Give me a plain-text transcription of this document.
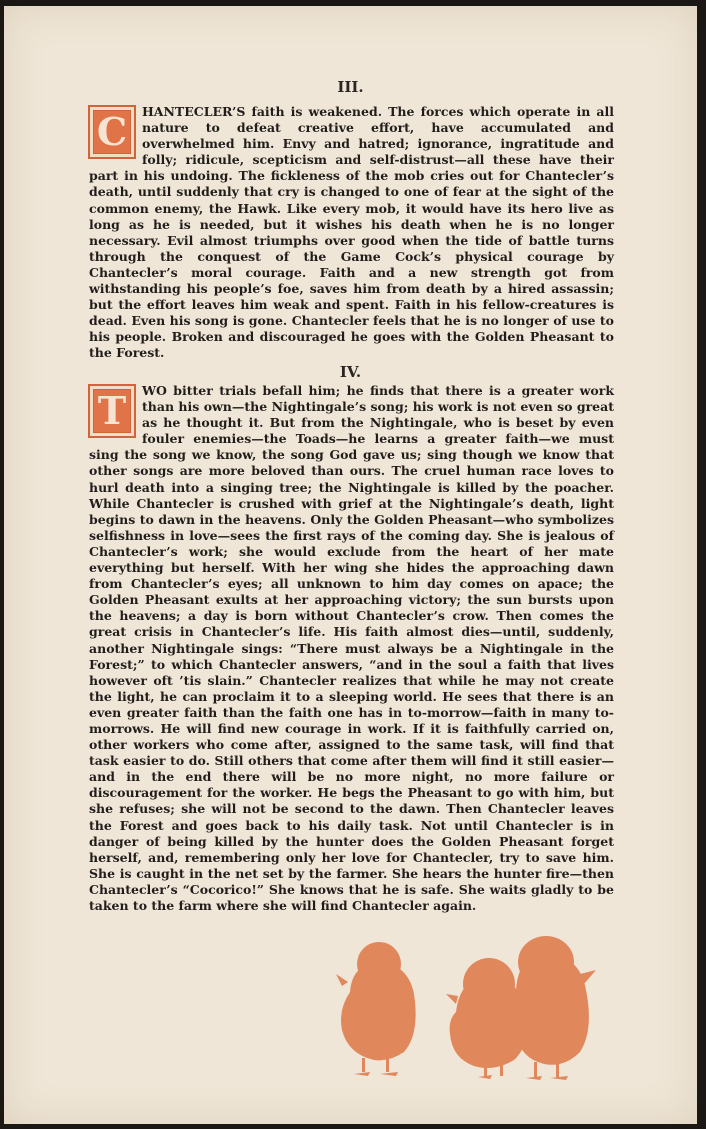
III.

C HANTECLER’S faith is weakened. The forces which operate in all nature to defeat creative effort, have accumulated and overwhelmed him. Envy and hatred; ignorance, ingratitude and folly; ridicule, scepticism and self-distrust—all these have their part in his undoing. The fickleness of the mob cries out for Chantecler’s death, until suddenly that cry is changed to one of fear at the sight of the common enemy, the Hawk. Like every mob, it would have its hero live as long as he is needed, but it wishes his death when he is no longer necessary. Evil almost triumphs over good when the tide of battle turns through the conquest of the Game Cock’s physical courage by Chantecler’s moral courage. Faith and a new strength got from withstanding his people’s foe, saves him from death by a hired assassin; but the effort leaves him weak and spent. Faith in his fellow-creatures is dead. Even his song is gone. Chantecler feels that he is no longer of use to his people. Broken and discouraged he goes with the Golden Pheasant to the Forest.

IV.

T WO bitter trials befall him; he finds that there is a greater work than his own—the Nightingale’s song; his work is not even so great as he thought it. But from the Nightingale, who is beset by even fouler enemies—the Toads—he learns a greater faith—we must sing the song we know, the song God gave us; sing though we know that other songs are more beloved than ours. The cruel human race loves to hurl death into a singing tree; the Nightingale is killed by the poacher. While Chantecler is crushed with grief at the Nightingale’s death, light begins to dawn in the heavens. Only the Golden Pheasant—who symbolizes selfishness in love—sees the first rays of the coming day. She is jealous of Chantecler’s work; she would exclude from the heart of her mate everything but herself. With her wing she hides the approaching dawn from Chantecler’s eyes; all unknown to him day comes on apace; the Golden Pheasant exults at her approaching victory; the sun bursts upon the heavens; a day is born without Chantecler’s crow. Then comes the great crisis in Chantecler’s life. His faith almost dies—until, suddenly, another Nightingale sings: “There must always be a Nightingale in the Forest;” to which Chantecler answers, “and in the soul a faith that lives however oft ’tis slain.” Chantecler realizes that while he may not create the light, he can proclaim it to a sleeping world. He sees that there is an even greater faith than the faith one has in to-morrow—faith in many to-morrows. He will find new courage in work. If it is faithfully carried on, other workers who come after, assigned to the same task, will find that task easier to do. Still others that come after them will find it still easier—and in the end there will be no more night, no more failure or discouragement for the worker. He begs the Pheasant to go with him, but she refuses; she will not be second to the dawn. Then Chantecler leaves the Forest and goes back to his daily task. Not until Chantecler is in danger of being killed by the hunter does the Golden Pheasant forget herself, and, remembering only her love for Chantecler, try to save him. She is caught in the net set by the farmer. She hears the hunter fire—then Chantecler’s “Cocorico!” She knows that he is safe. She waits gladly to be taken to the farm where she will find Chantecler again.
